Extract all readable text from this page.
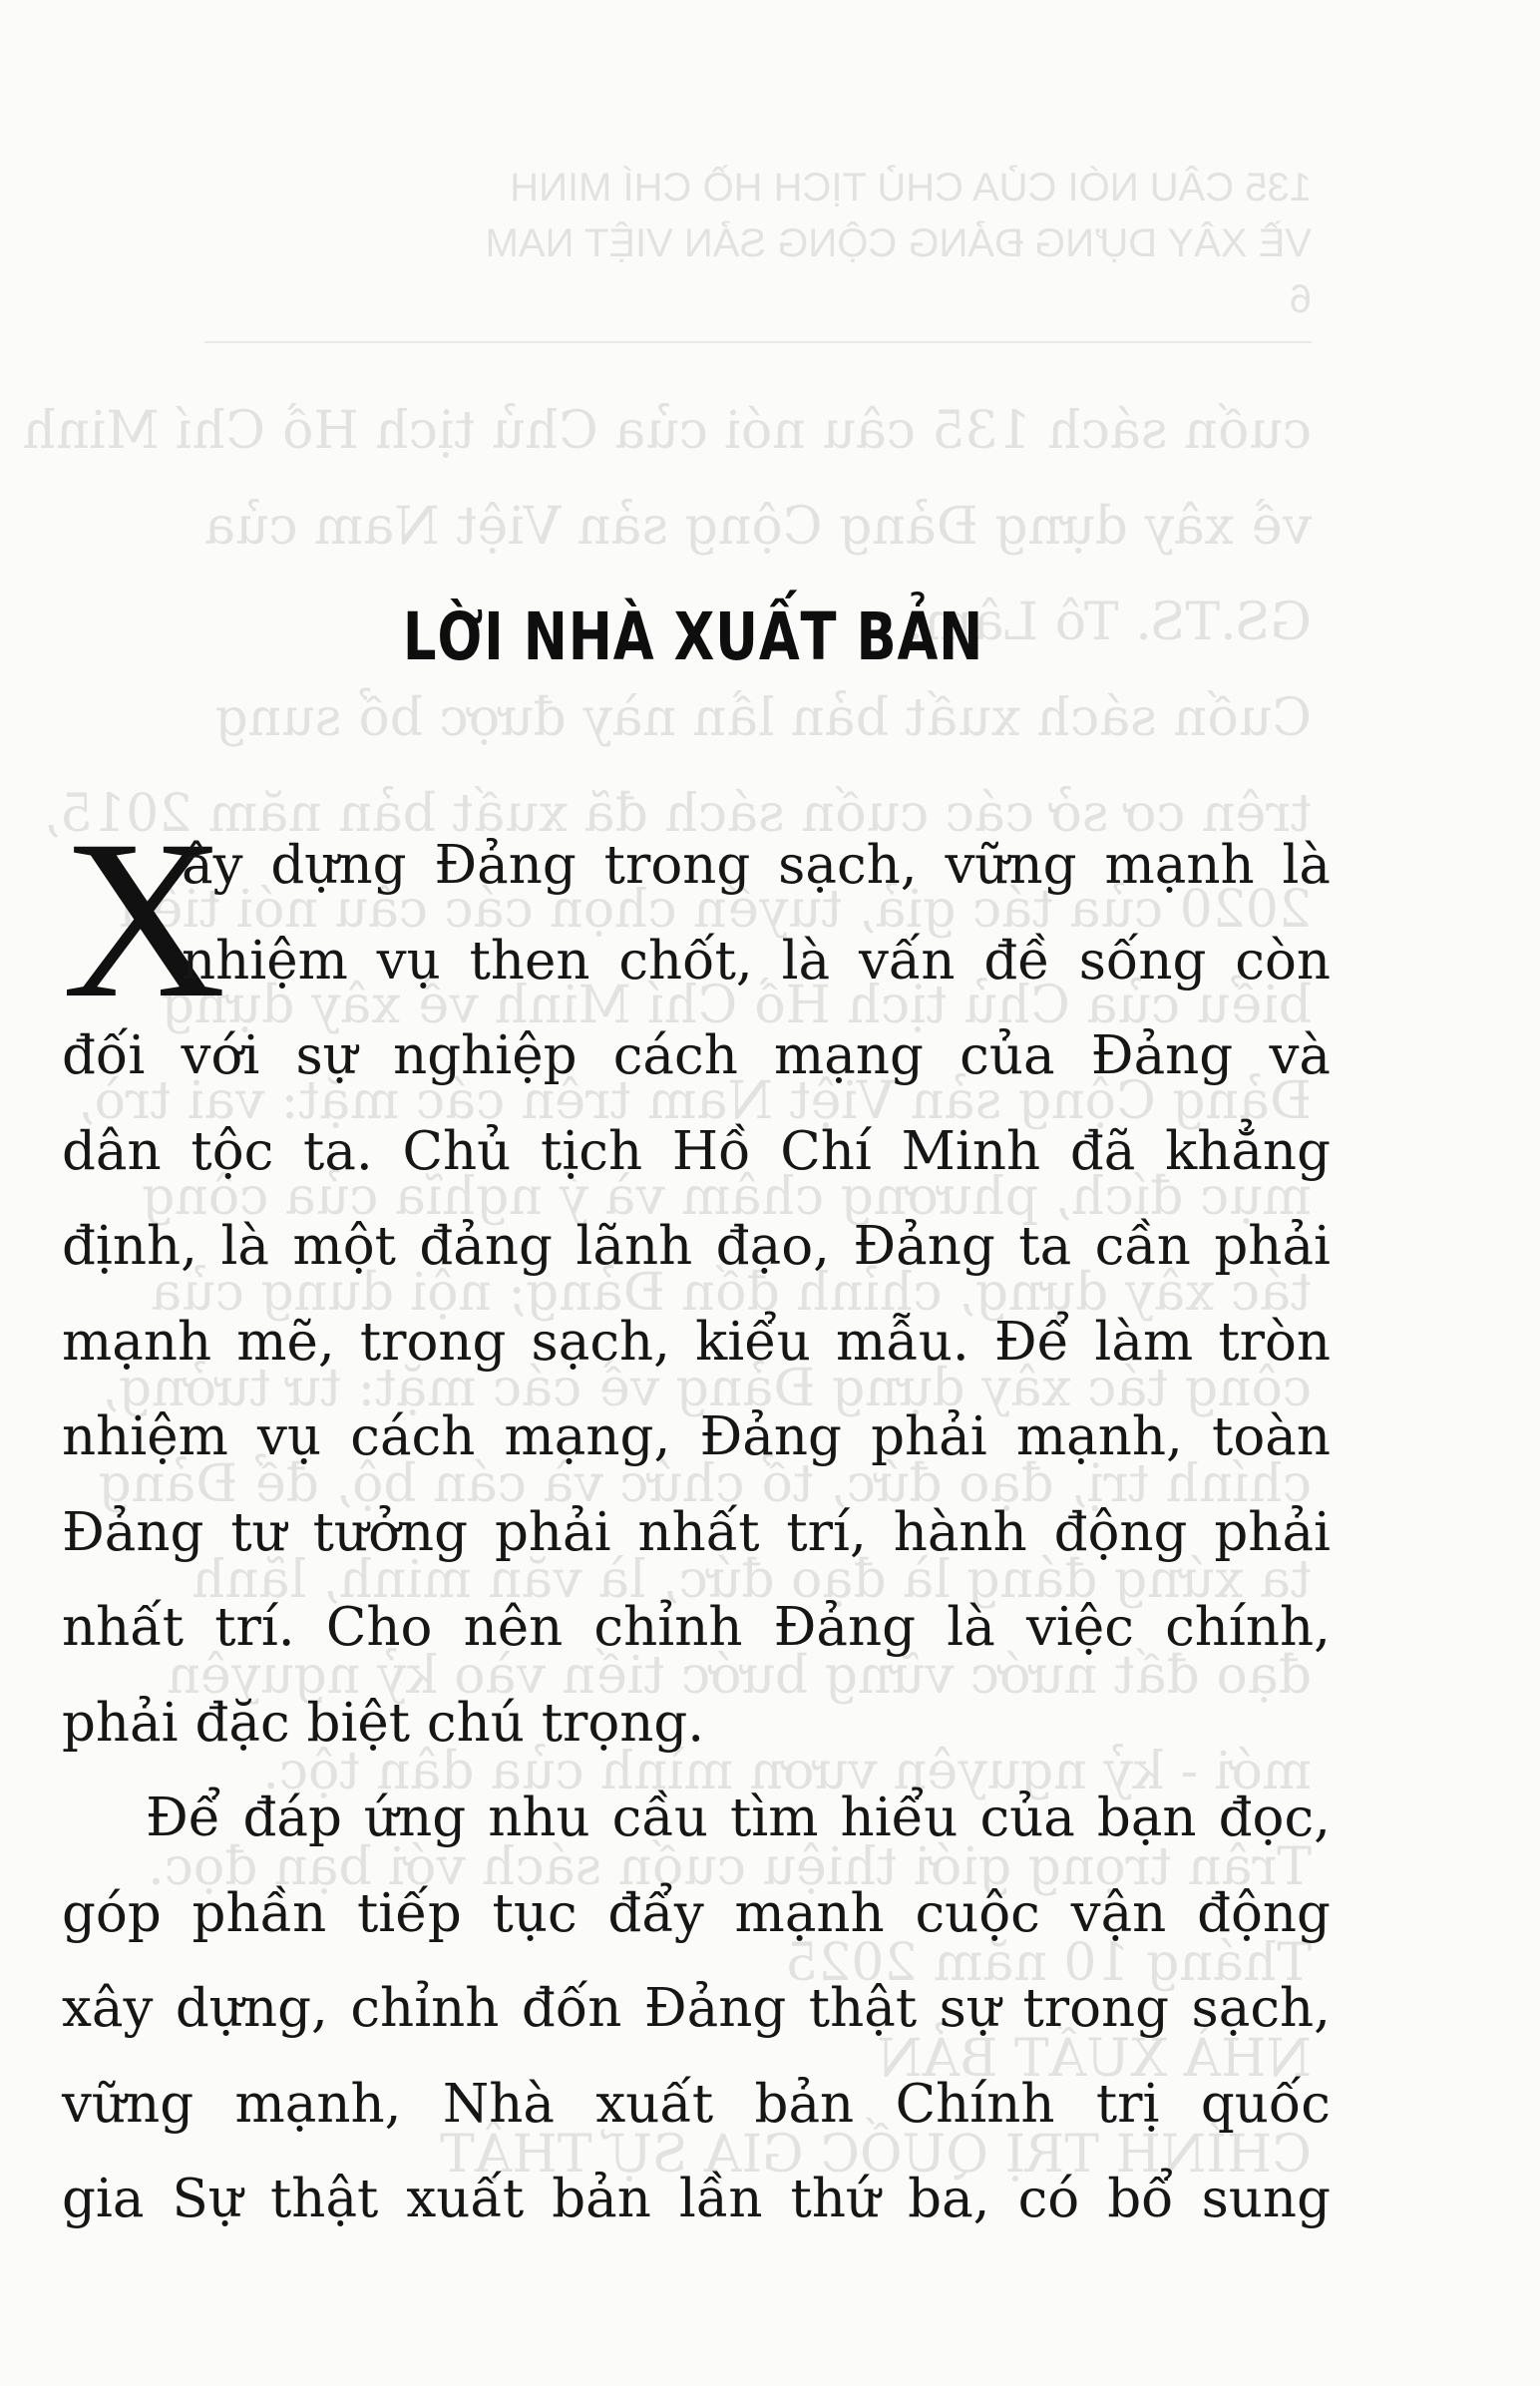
135 CÂU NÓI CỦA CHỦ TỊCH HỒ CHÍ MINH
VỀ XÂY DỰNG ĐẢNG CỘNG SẢN VIỆT NAM
6
cuốn sách 135 câu nói của Chủ tịch Hồ Chí Minh
về xây dựng Đảng Cộng sản Việt Nam của
GS.TS. Tô Lâm.
Cuốn sách xuất bản lần này được bổ sung
trên cơ sở các cuốn sách đã xuất bản năm 2015,
2020 của tác giả, tuyển chọn các câu nói tiêu
biểu của Chủ tịch Hồ Chí Minh về xây dựng
Đảng Cộng sản Việt Nam trên các mặt: vai trò,
mục đích, phương châm và ý nghĩa của công
tác xây dựng, chỉnh đốn Đảng; nội dung của
công tác xây dựng Đảng về các mặt: tư tưởng,
chính trị, đạo đức, tổ chức và cán bộ, để Đảng
ta xứng đáng là đạo đức, là văn minh, lãnh
đạo đất nước vững bước tiến vào kỷ nguyên
mới - kỷ nguyên vươn mình của dân tộc.
Trân trọng giới thiệu cuốn sách với bạn đọc.
Tháng 10 năm 2025
NHÀ XUẤT BẢN
CHÍNH TRỊ QUỐC GIA SỰ THẬT
LỜI NHÀ XUẤT BẢN
X
ây dựng Đảng trong sạch, vững mạnh là
nhiệm vụ then chốt, là vấn đề sống còn
đối với sự nghiệp cách mạng của Đảng và
dân tộc ta. Chủ tịch Hồ Chí Minh đã khẳng
định, là một đảng lãnh đạo, Đảng ta cần phải
mạnh mẽ, trong sạch, kiểu mẫu. Để làm tròn
nhiệm vụ cách mạng, Đảng phải mạnh, toàn
Đảng tư tưởng phải nhất trí, hành động phải
nhất trí. Cho nên chỉnh Đảng là việc chính,
phải đặc biệt chú trọng.
Để đáp ứng nhu cầu tìm hiểu của bạn đọc,
góp phần tiếp tục đẩy mạnh cuộc vận động
xây dựng, chỉnh đốn Đảng thật sự trong sạch,
vững mạnh, Nhà xuất bản Chính trị quốc
gia Sự thật xuất bản lần thứ ba, có bổ sung
